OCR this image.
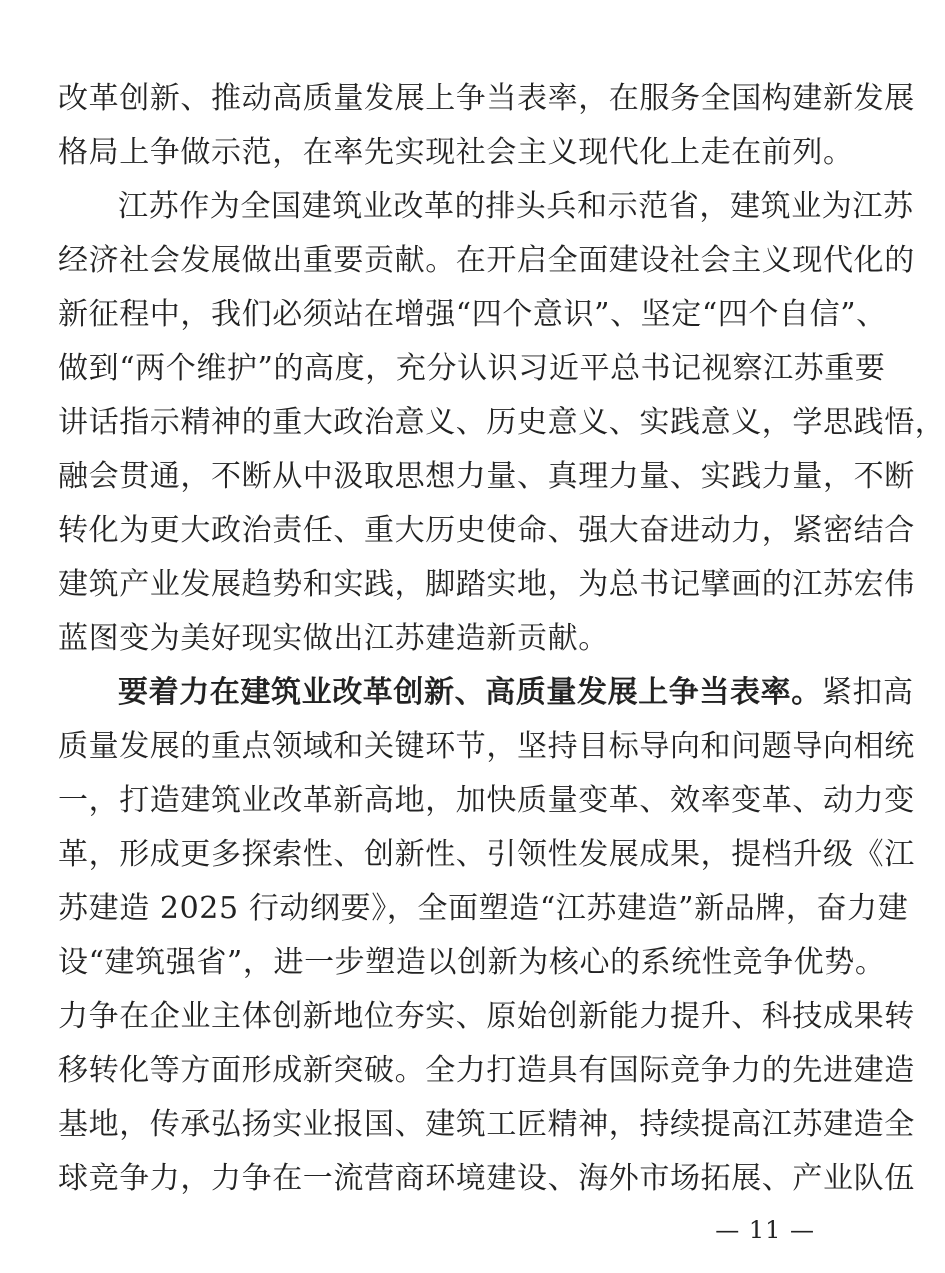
改革创新、推动高质量发展上争当表率，在服务全国构建新发展
格局上争做示范，在率先实现社会主义现代化上走在前列。
江苏作为全国建筑业改革的排头兵和示范省，建筑业为江苏
经济社会发展做出重要贡献。在开启全面建设社会主义现代化的
新征程中，我们必须站在增强“四个意识”、坚定“四个自信”、
做到“两个维护”的高度，充分认识习近平总书记视察江苏重要
讲话指示精神的重大政治意义、历史意义、实践意义，学思践悟，
融会贯通，不断从中汲取思想力量、真理力量、实践力量，不断
转化为更大政治责任、重大历史使命、强大奋进动力，紧密结合
建筑产业发展趋势和实践，脚踏实地，为总书记擘画的江苏宏伟
蓝图变为美好现实做出江苏建造新贡献。
要着力在建筑业改革创新、高质量发展上争当表率。紧扣高
质量发展的重点领域和关键环节，坚持目标导向和问题导向相统
一，打造建筑业改革新高地，加快质量变革、效率变革、动力变
革，形成更多探索性、创新性、引领性发展成果，提档升级《江
苏建造 2025 行动纲要》，全面塑造“江苏建造”新品牌，奋力建
设“建筑强省”，进一步塑造以创新为核心的系统性竞争优势。
力争在企业主体创新地位夯实、原始创新能力提升、科技成果转
移转化等方面形成新突破。全力打造具有国际竞争力的先进建造
基地，传承弘扬实业报国、建筑工匠精神，持续提高江苏建造全
球竞争力，力争在一流营商环境建设、海外市场拓展、产业队伍
— 11 —
